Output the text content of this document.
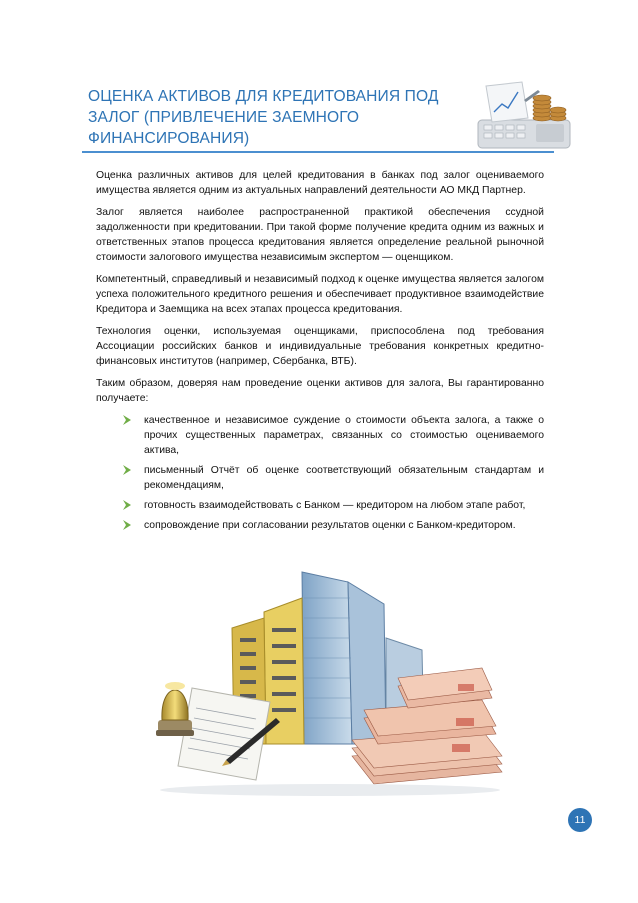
ОЦЕНКА АКТИВОВ ДЛЯ КРЕДИТОВАНИЯ ПОД ЗАЛОГ (ПРИВЛЕЧЕНИЕ ЗАЕМНОГО ФИНАНСИРОВАНИЯ)

Оценка различных активов для целей кредитования в банках под залог оцениваемого имущества является одним из актуальных направлений деятельности АО МКД Партнер.

Залог является наиболее распространенной практикой обеспечения ссудной задолженности при кредитовании. При такой форме получение кредита одним из важных и ответственных этапов процесса кредитования является определение реальной рыночной стоимости залогового имущества независимым экспертом — оценщиком.

Компетентный, справедливый и независимый подход к оценке имущества является залогом успеха положительного кредитного решения и обеспечивает продуктивное взаимодействие Кредитора и Заемщика на всех этапах процесса кредитования.

Технология оценки, используемая оценщиками, приспособлена под требования Ассоциации российских банков и индивидуальные требования конкретных кредитно-финансовых институтов (например, Сбербанка, ВТБ).

Таким образом, доверяя нам проведение оценки активов для залога, Вы гарантированно получаете:

качественное и независимое суждение о стоимости объекта залога, а также о прочих существенных параметрах, связанных со стоимостью оцениваемого актива,
письменный Отчёт об оценке соответствующий обязательным стандартам и рекомендациям,
готовность взаимодействовать с Банком — кредитором на любом этапе работ,
сопровождение при согласовании результатов оценки с Банком-кредитором.
11
